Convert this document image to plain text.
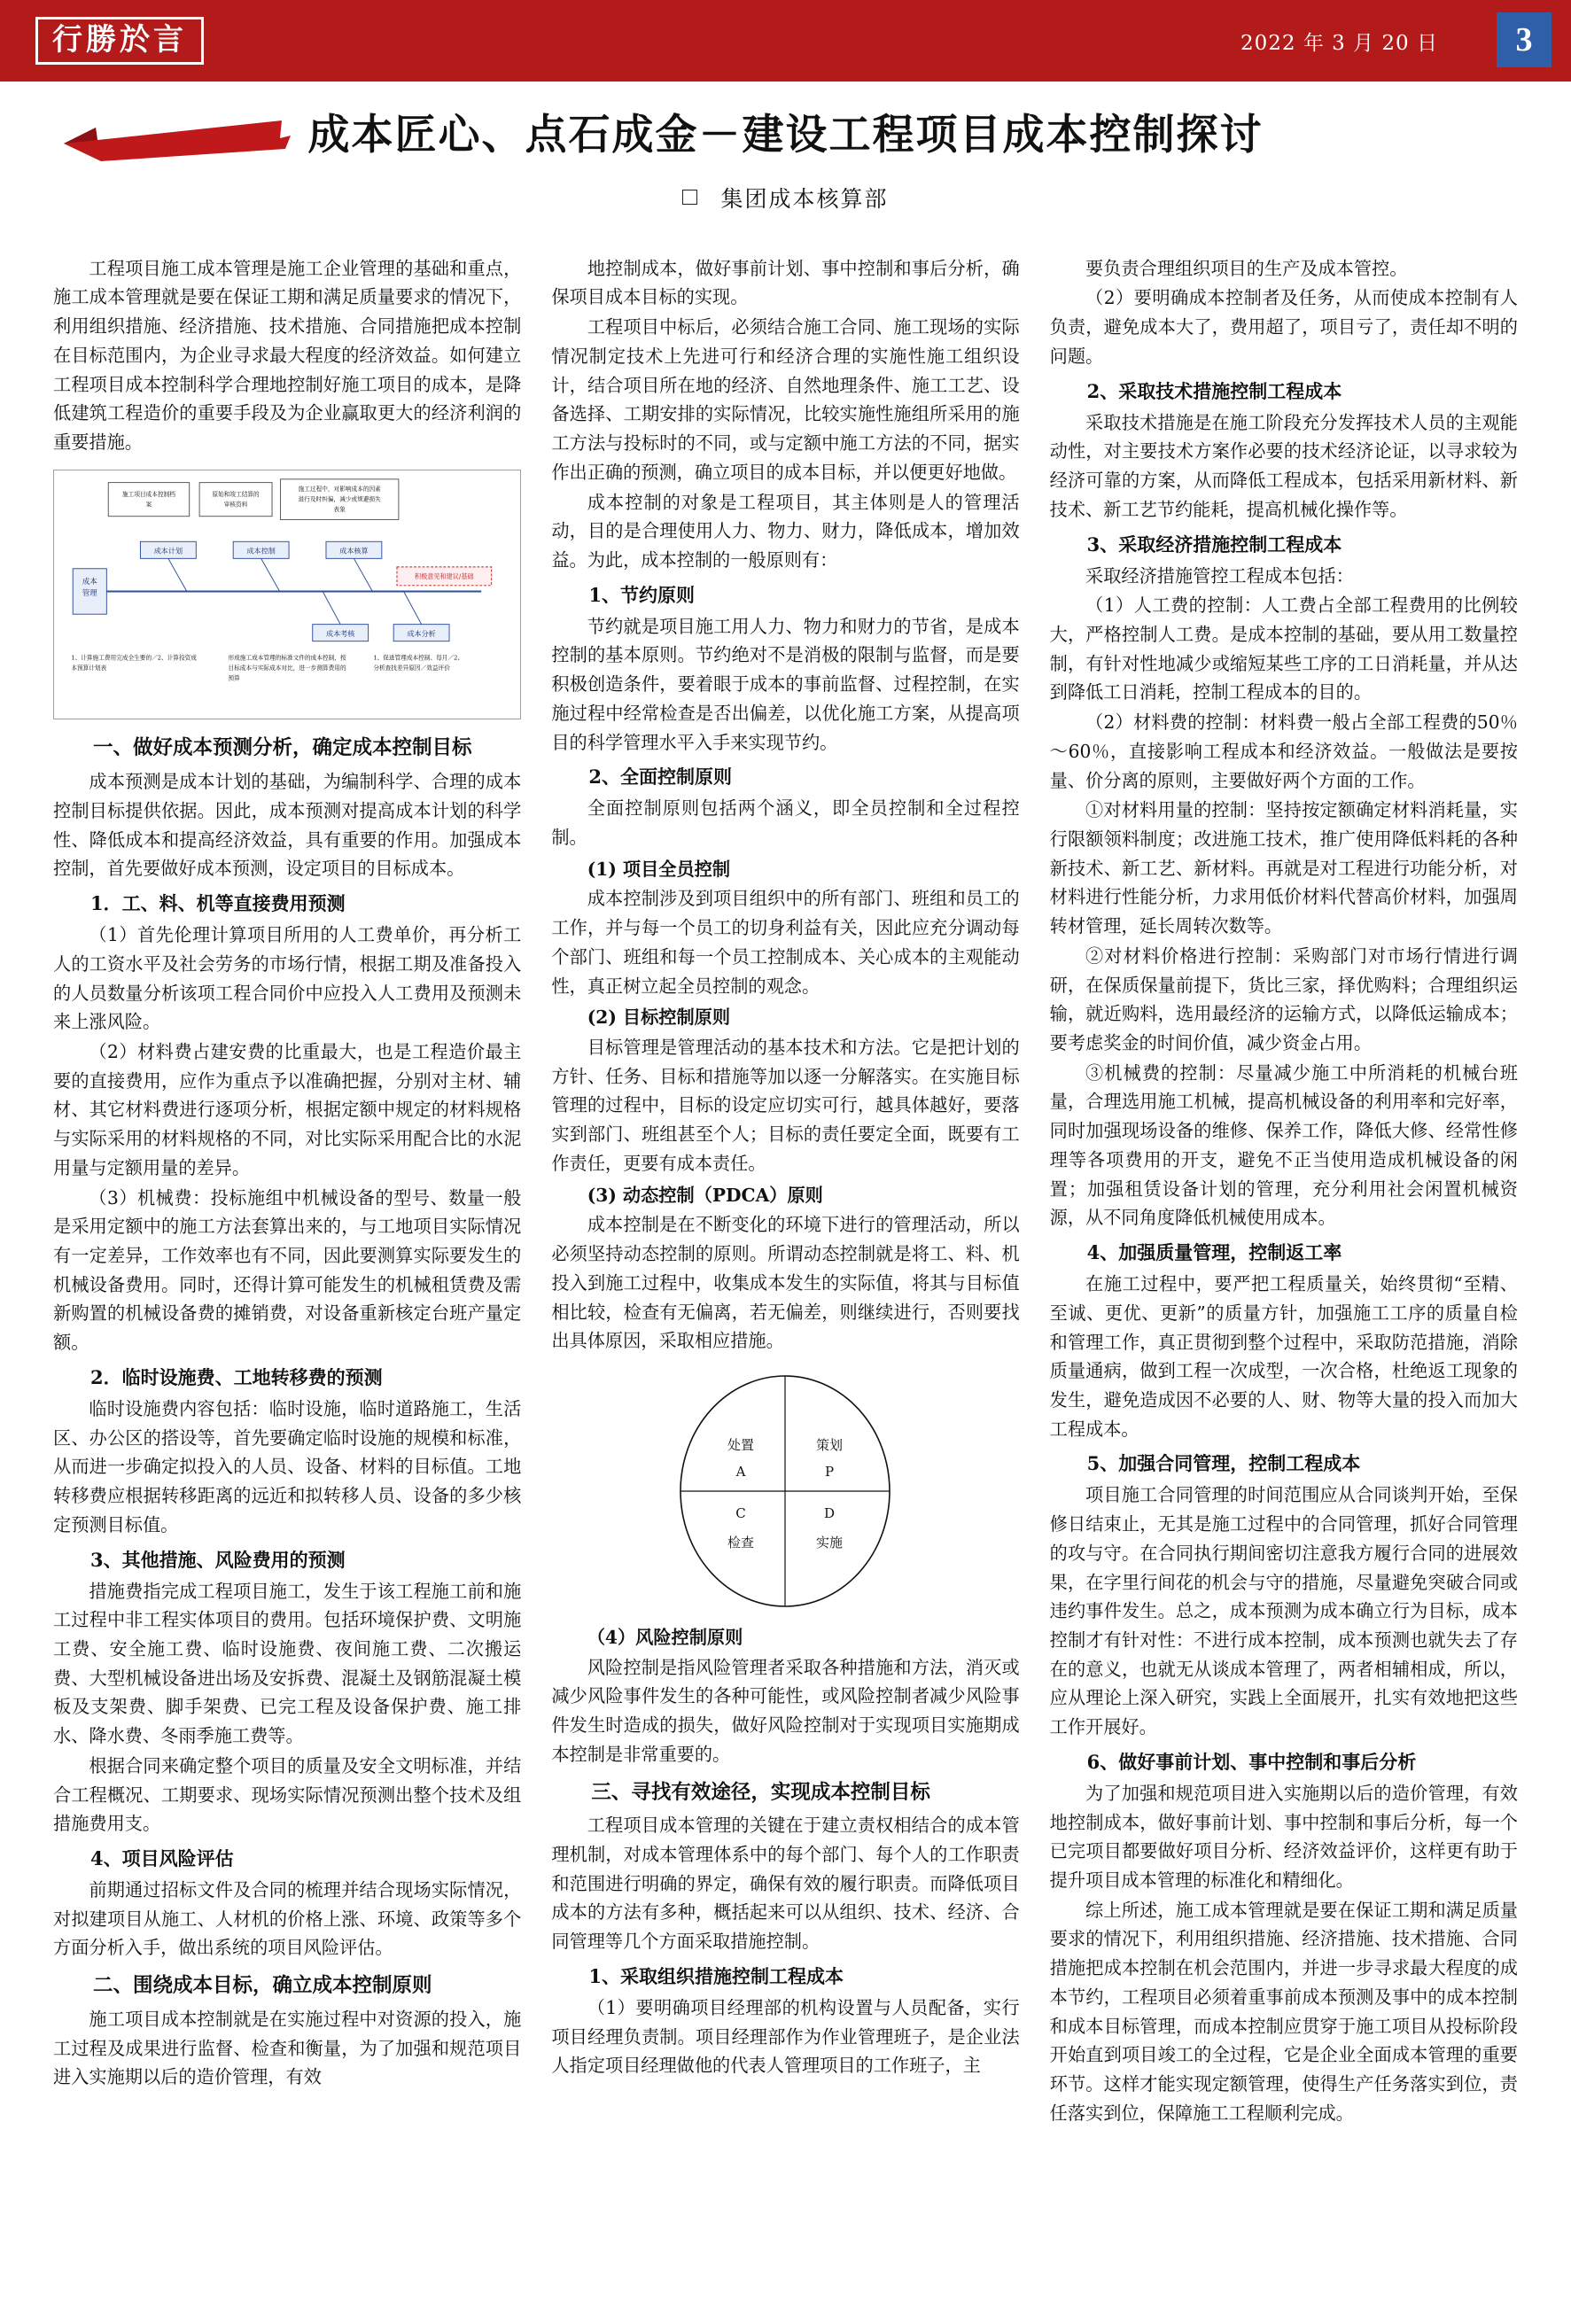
行勝於言	2022 年 3 月 20 日	3
交流阵地	成本匠心、点石成金－建设工程项目成本控制探讨
集团成本核算部

工程项目施工成本管理是施工企业管理的基础和重点，施工成本管理就是要在保证工期和满足质量要求的情况下，利用组织措施、经济措施、技术措施、合同措施把成本控制在目标范围内，为企业寻求最大程度的经济效益。如何建立工程项目成本控制科学合理地控制好施工项目的成本，是降低建筑工程造价的重要手段及为企业赢取更大的经济利润的重要措施。

施工项目成本控制档
案
原始和竣工结算的
审核资料
施工过程中，对影响成本的因素
进行及时纠偏，减少或规避损失
表象
成本
管理
成本计划	成本控制	成本核算
成本考核	成本分析
积极意见和建议/基础
1、计算施工费用完成全生要的／2、计算投资成
本预算计划表
形成施工成本管理的标准文件的成本控制，按
目标成本与实际成本对比，进一步测算费用的
预算
1、促进管理成本控制、每月／2、
分析查找差异原因／效益评价

一、做好成本预测分析，确定成本控制目标

成本预测是成本计划的基础，为编制科学、合理的成本控制目标提供依据。因此，成本预测对提高成本计划的科学性、降低成本和提高经济效益，具有重要的作用。加强成本控制，首先要做好成本预测，设定项目的目标成本。

1．工、料、机等直接费用预测

（1）首先伦理计算项目所用的人工费单价，再分析工人的工资水平及社会劳务的市场行情，根据工期及准备投入的人员数量分析该项工程合同价中应投入人工费用及预测未来上涨风险。

（2）材料费占建安费的比重最大，也是工程造价最主要的直接费用，应作为重点予以准确把握，分别对主材、辅材、其它材料费进行逐项分析，根据定额中规定的材料规格与实际采用的材料规格的不同，对比实际采用配合比的水泥用量与定额用量的差异。

（3）机械费：投标施组中机械设备的型号、数量一般是采用定额中的施工方法套算出来的，与工地项目实际情况有一定差异，工作效率也有不同，因此要测算实际要发生的机械设备费用。同时，还得计算可能发生的机械租赁费及需新购置的机械设备费的摊销费，对设备重新核定台班产量定额。

2．临时设施费、工地转移费的预测

临时设施费内容包括：临时设施，临时道路施工，生活区、办公区的搭设等，首先要确定临时设施的规模和标准，从而进一步确定拟投入的人员、设备、材料的目标值。工地转移费应根据转移距离的远近和拟转移人员、设备的多少核定预测目标值。

3、其他措施、风险费用的预测

措施费指完成工程项目施工，发生于该工程施工前和施工过程中非工程实体项目的费用。包括环境保护费、文明施工费、安全施工费、临时设施费、夜间施工费、二次搬运费、大型机械设备进出场及安拆费、混凝土及钢筋混凝土模板及支架费、脚手架费、已完工程及设备保护费、施工排水、降水费、冬雨季施工费等。

根据合同来确定整个项目的质量及安全文明标准，并结合工程概况、工期要求、现场实际情况预测出整个技术及组措施费用支。

4、项目风险评估

前期通过招标文件及合同的梳理并结合现场实际情况，对拟建项目从施工、人材机的价格上涨、环境、政策等多个方面分析入手，做出系统的项目风险评估。

二、围绕成本目标，确立成本控制原则

施工项目成本控制就是在实施过程中对资源的投入，施工过程及成果进行监督、检查和衡量，为了加强和规范项目进入实施期以后的造价管理，有效

地控制成本，做好事前计划、事中控制和事后分析，确保项目成本目标的实现。

工程项目中标后，必须结合施工合同、施工现场的实际情况制定技术上先进可行和经济合理的实施性施工组织设计，结合项目所在地的经济、自然地理条件、施工工艺、设备选择、工期安排的实际情况，比较实施性施组所采用的施工方法与投标时的不同，或与定额中施工方法的不同，据实作出正确的预测，确立项目的成本目标，并以便更好地做。

成本控制的对象是工程项目，其主体则是人的管理活动，目的是合理使用人力、物力、财力，降低成本，增加效益。为此，成本控制的一般原则有：

1、节约原则

节约就是项目施工用人力、物力和财力的节省，是成本控制的基本原则。节约绝对不是消极的限制与监督，而是要积极创造条件，要着眼于成本的事前监督、过程控制，在实施过程中经常检查是否出偏差，以优化施工方案，从提高项目的科学管理水平入手来实现节约。

2、全面控制原则

全面控制原则包括两个涵义，即全员控制和全过程控制。

(1) 项目全员控制

成本控制涉及到项目组织中的所有部门、班组和员工的工作，并与每一个员工的切身利益有关，因此应充分调动每个部门、班组和每一个员工控制成本、关心成本的主观能动性，真正树立起全员控制的观念。

(2) 目标控制原则

目标管理是管理活动的基本技术和方法。它是把计划的方针、任务、目标和措施等加以逐一分解落实。在实施目标管理的过程中，目标的设定应切实可行，越具体越好，要落实到部门、班组甚至个人；目标的责任要定全面，既要有工作责任，更要有成本责任。

(3) 动态控制（PDCA）原则

成本控制是在不断变化的环境下进行的管理活动，所以必须坚持动态控制的原则。所谓动态控制就是将工、料、机投入到施工过程中，收集成本发生的实际值，将其与目标值相比较，检查有无偏离，若无偏差，则继续进行，否则要找出具体原因，采取相应措施。

处置	策划
A	P
C	D
检查	实施

（4）风险控制原则

风险控制是指风险管理者采取各种措施和方法，消灭或减少风险事件发生的各种可能性，或风险控制者减少风险事件发生时造成的损失，做好风险控制对于实现项目实施期成本控制是非常重要的。

三、寻找有效途径，实现成本控制目标

工程项目成本管理的关键在于建立责权相结合的成本管理机制，对成本管理体系中的每个部门、每个人的工作职责和范围进行明确的界定，确保有效的履行职责。而降低项目成本的方法有多种，概括起来可以从组织、技术、经济、合同管理等几个方面采取措施控制。

1、采取组织措施控制工程成本

（1）要明确项目经理部的机构设置与人员配备，实行项目经理负责制。项目经理部作为作业管理班子，是企业法人指定项目经理做他的代表人管理项目的工作班子，主

要负责合理组织项目的生产及成本管控。

（2）要明确成本控制者及任务，从而使成本控制有人负责，避免成本大了，费用超了，项目亏了，责任却不明的问题。

2、采取技术措施控制工程成本

采取技术措施是在施工阶段充分发挥技术人员的主观能动性，对主要技术方案作必要的技术经济论证，以寻求较为经济可靠的方案，从而降低工程成本，包括采用新材料、新技术、新工艺节约能耗，提高机械化操作等。

3、采取经济措施控制工程成本

采取经济措施管控工程成本包括：

（1）人工费的控制：人工费占全部工程费用的比例较大，严格控制人工费。是成本控制的基础，要从用工数量控制，有针对性地减少或缩短某些工序的工日消耗量，并从达到降低工日消耗，控制工程成本的目的。

（2）材料费的控制：材料费一般占全部工程费的50％～60％，直接影响工程成本和经济效益。一般做法是要按量、价分离的原则，主要做好两个方面的工作。

①对材料用量的控制：坚持按定额确定材料消耗量，实行限额领料制度；改进施工技术，推广使用降低料耗的各种新技术、新工艺、新材料。再就是对工程进行功能分析，对材料进行性能分析，力求用低价材料代替高价材料，加强周转材管理，延长周转次数等。

②对材料价格进行控制：采购部门对市场行情进行调研，在保质保量前提下，货比三家，择优购料；合理组织运输，就近购料，选用最经济的运输方式，以降低运输成本；要考虑奖金的时间价值，减少资金占用。

③机械费的控制：尽量减少施工中所消耗的机械台班量，合理选用施工机械，提高机械设备的利用率和完好率，同时加强现场设备的维修、保养工作，降低大修、经常性修理等各项费用的开支，避免不正当使用造成机械设备的闲置；加强租赁设备计划的管理，充分利用社会闲置机械资源，从不同角度降低机械使用成本。

4、加强质量管理，控制返工率

在施工过程中，要严把工程质量关，始终贯彻“至精、至诚、更优、更新”的质量方针，加强施工工序的质量自检和管理工作，真正贯彻到整个过程中，采取防范措施，消除质量通病，做到工程一次成型，一次合格，杜绝返工现象的发生，避免造成因不必要的人、财、物等大量的投入而加大工程成本。

5、加强合同管理，控制工程成本

项目施工合同管理的时间范围应从合同谈判开始，至保修日结束止，无其是施工过程中的合同管理，抓好合同管理的攻与守。在合同执行期间密切注意我方履行合同的进展效果，在字里行间花的机会与守的措施，尽量避免突破合同或违约事件发生。总之，成本预测为成本确立行为目标，成本控制才有针对性：不进行成本控制，成本预测也就失去了存在的意义，也就无从谈成本管理了，两者相辅相成，所以，应从理论上深入研究，实践上全面展开，扎实有效地把这些工作开展好。

6、做好事前计划、事中控制和事后分析

为了加强和规范项目进入实施期以后的造价管理，有效地控制成本，做好事前计划、事中控制和事后分析，每一个已完项目都要做好项目分析、经济效益评价，这样更有助于提升项目成本管理的标准化和精细化。

综上所述，施工成本管理就是要在保证工期和满足质量要求的情况下，利用组织措施、经济措施、技术措施、合同措施把成本控制在机会范围内，并进一步寻求最大程度的成本节约，工程项目必须着重事前成本预测及事中的成本控制和成本目标管理，而成本控制应贯穿于施工项目从投标阶段开始直到项目竣工的全过程，它是企业全面成本管理的重要环节。这样才能实现定额管理，使得生产任务落实到位，责任落实到位，保障施工工程顺利完成。
